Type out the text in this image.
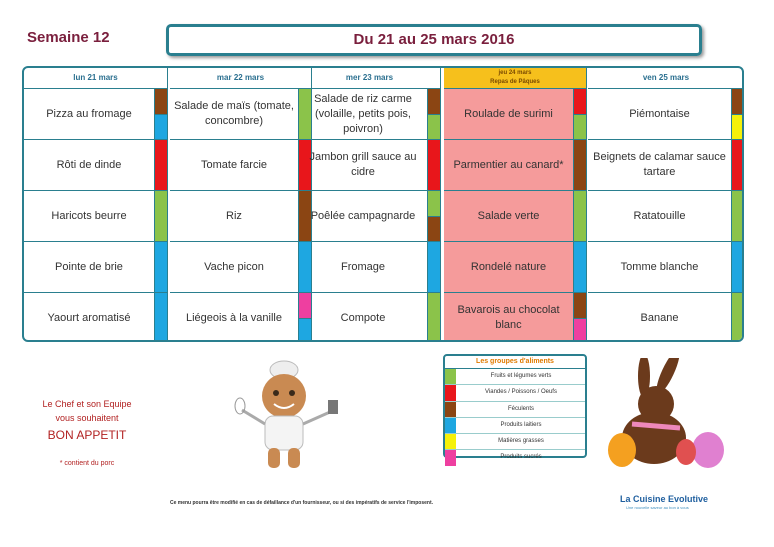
Semaine 12	Du 21 au 25 mars 2016
lun 21 mars
Pizza au fromage
Rôti de dinde
Haricots beurre
Pointe de brie
Yaourt aromatisé
mar 22 mars
Salade de maïs (tomate, concombre)
Tomate farcie
Riz
Vache picon
Liégeois à la vanille
mer 23 mars
Salade de riz carme (volaille, petits pois, poivron)
Jambon grill sauce au cidre
Poêlée campagnarde
Fromage
Compote
jeu 24 mars
Repas de Pâques
Roulade de surimi
Parmentier au canard*
Salade verte
Rondelé nature
Bavarois au chocolat blanc
ven 25 mars
Piémontaise
Beignets de calamar sauce tartare
Ratatouille
Tomme blanche
Banane
Le Chef et son Equipe
vous souhaitent
BON APPETIT
* contient du porc
Les groupes d'aliments
Fruits et légumes verts
Viandes / Poissons / Oeufs
Féculents
Produits laitiers
Matières grasses
Produits sucrés
Ce menu pourra être modifié en cas de défaillance d'un fournisseur, ou si des impératifs de service l'imposent.	La Cuisine Evolutive
Une nouvelle saveur au bon à vous
